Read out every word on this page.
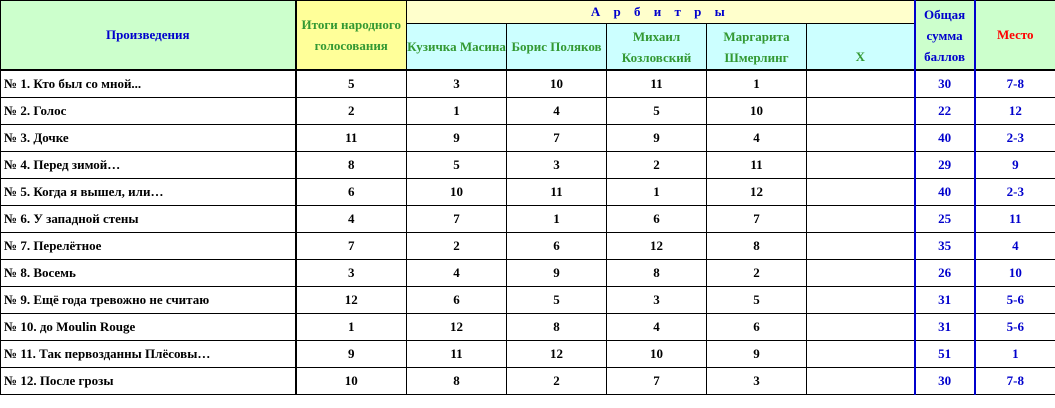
Произведения	Итоги народного голосования	А р б и т р ы					Общая сумма баллов	Место
		Кузичка Масина	Борис Поляков	Михаил Козловский	Маргарита Шмерлинг	Х		
№ 1. Кто был со мной...	5	3	10	11	1		30	7-8
№ 2. Голос	2	1	4	5	10		22	12
№ 3. Дочке	11	9	7	9	4		40	2-3
№ 4. Перед зимой…	8	5	3	2	11		29	9
№ 5. Когда я вышел, или…	6	10	11	1	12		40	2-3
№ 6. У западной стены	4	7	1	6	7		25	11
№ 7. Перелётное	7	2	6	12	8		35	4
№ 8. Восемь	3	4	9	8	2		26	10
№ 9. Ещё года тревожно не считаю	12	6	5	3	5		31	5-6
№ 10. до Moulin Rouge	1	12	8	4	6		31	5-6
№ 11. Так первозданны Плёсовы…	9	11	12	10	9		51	1
№ 12. После грозы	10	8	2	7	3		30	7-8
